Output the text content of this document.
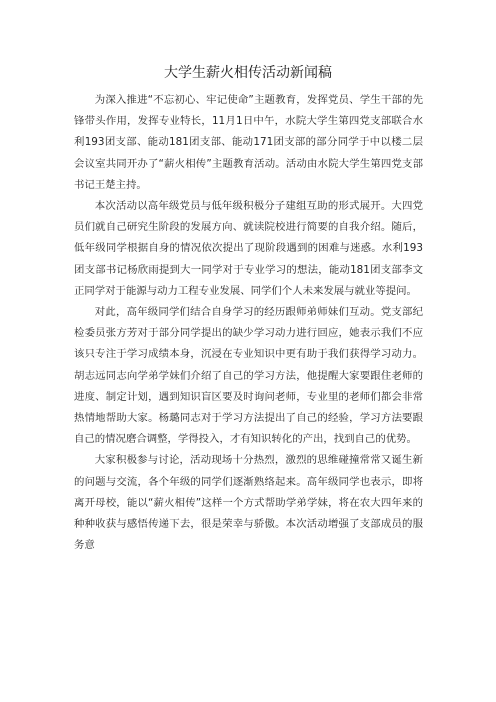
大学生薪火相传活动新闻稿

为深入推进“不忘初心、牢记使命”主题教育，发挥党员、学生干部的先锋带头作用，发挥专业特长，11月1日中午，水院大学生第四党支部联合水利193团支部、能动181团支部、能动171团支部的部分同学于中以楼二层会议室共同开办了“薪火相传”主题教育活动。活动由水院大学生第四党支部书记王楚主持。

本次活动以高年级党员与低年级积极分子建组互助的形式展开。大四党员们就自己研究生阶段的发展方向、就读院校进行简要的自我介绍。随后，低年级同学根据自身的情况依次提出了现阶段遇到的困难与迷惑。水利193团支部书记杨欣雨提到大一同学对于专业学习的想法，能动181团支部李文正同学对于能源与动力工程专业发展、同学们个人未来发展与就业等提问。

对此，高年级同学们结合自身学习的经历跟师弟师妹们互动。党支部纪检委员张方芳对于部分同学提出的缺少学习动力进行回应，她表示我们不应该只专注于学习成绩本身，沉浸在专业知识中更有助于我们获得学习动力。胡志远同志向学弟学妹们介绍了自己的学习方法，他提醒大家要跟住老师的进度、制定计划，遇到知识盲区要及时询问老师，专业里的老师们都会非常热情地帮助大家。杨璐同志对于学习方法提出了自己的经验，学习方法要跟自己的情况磨合调整，学得投入，才有知识转化的产出，找到自己的优势。

大家积极参与讨论，活动现场十分热烈，激烈的思维碰撞常常又诞生新的问题与交流，各个年级的同学们逐渐熟络起来。高年级同学也表示，即将离开母校，能以“薪火相传”这样一个方式帮助学弟学妹，将在农大四年来的种种收获与感悟传递下去，很是荣幸与骄傲。本次活动增强了支部成员的服务意
